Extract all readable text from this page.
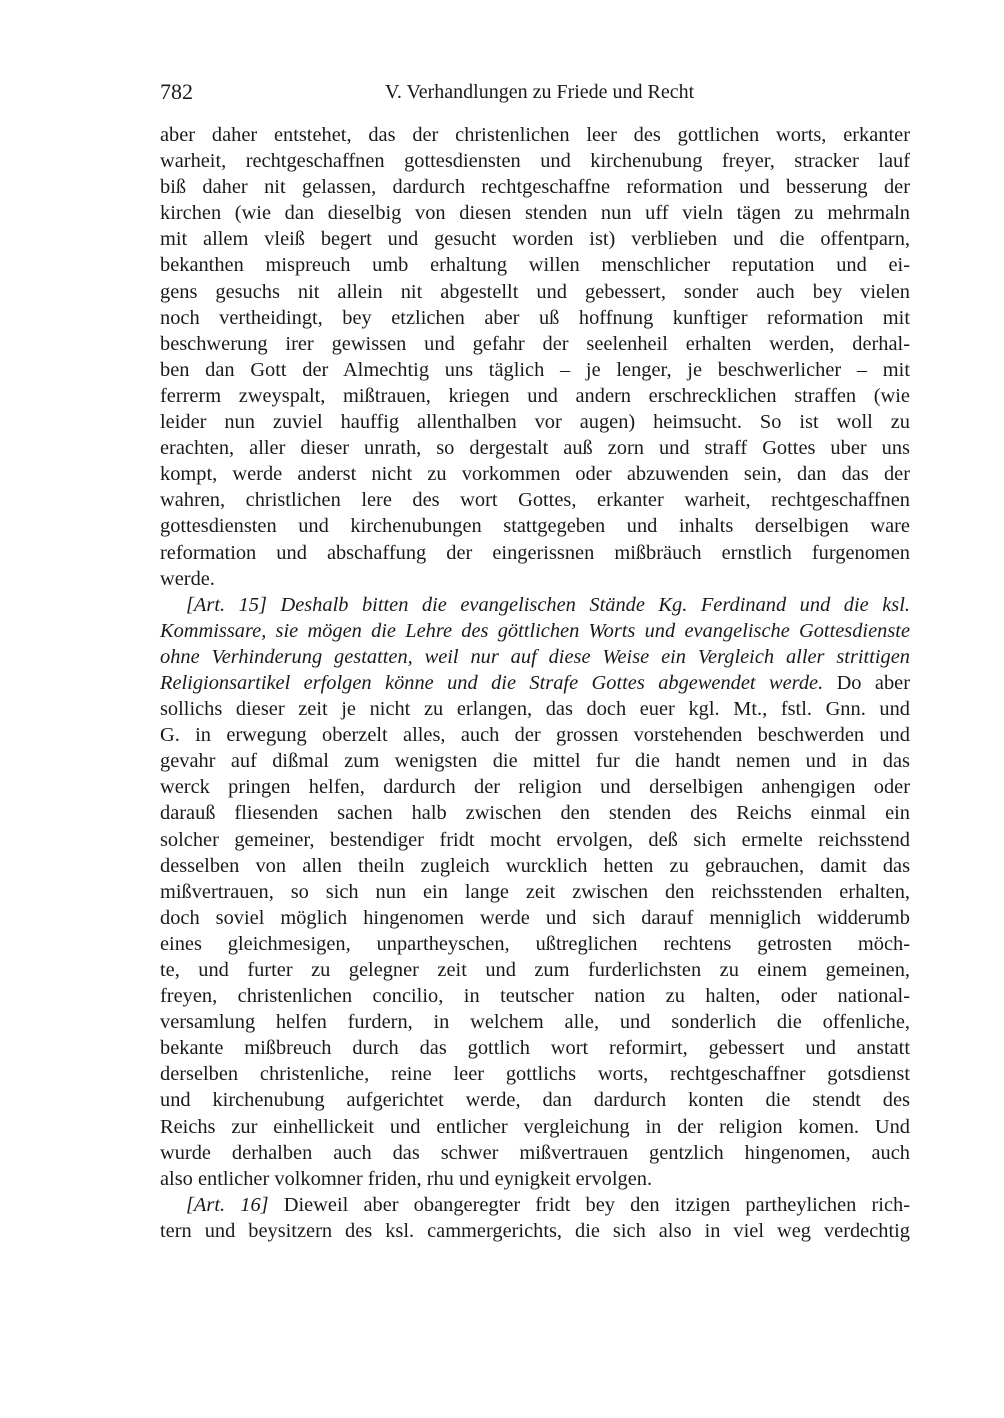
782	V. Verhandlungen zu Friede und Recht
aber daher entstehet, das der christenlichen leer des gottlichen worts, erkanter
warheit, rechtgeschaffnen gottesdiensten und kirchenubung freyer, stracker lauf
biß daher nit gelassen, dardurch rechtgeschaffne reformation und besserung der
kirchen (wie dan dieselbig von diesen stenden nun uff vieln tägen zu mehrmaln
mit allem vleiß begert und gesucht worden ist) verblieben und die offentparn,
bekanthen mispreuch umb erhaltung willen menschlicher reputation und ei-
gens gesuchs nit allein nit abgestellt und gebessert, sonder auch bey vielen
noch vertheidingt, bey etzlichen aber uß hoffnung kunftiger reformation mit
beschwerung irer gewissen und gefahr der seelenheil erhalten werden, derhal-
ben dan Gott der Almechtig uns täglich – je lenger, je beschwerlicher – mit
ferrerm zweyspalt, mißtrauen, kriegen und andern erschrecklichen straffen (wie
leider nun zuviel hauffig allenthalben vor augen) heimsucht. So ist woll zu
erachten, aller dieser unrath, so dergestalt auß zorn und straff Gottes uber uns
kompt, werde anderst nicht zu vorkommen oder abzuwenden sein, dan das der
wahren, christlichen lere des wort Gottes, erkanter warheit, rechtgeschaffnen
gottesdiensten und kirchenubungen stattgegeben und inhalts derselbigen ware
reformation und abschaffung der eingerissnen mißbräuch ernstlich furgenomen
werde.
[Art. 15] Deshalb bitten die evangelischen Stände Kg. Ferdinand und die ksl.
Kommissare, sie mögen die Lehre des göttlichen Worts und evangelische Gottesdienste
ohne Verhinderung gestatten, weil nur auf diese Weise ein Vergleich aller strittigen
Religionsartikel erfolgen könne und die Strafe Gottes abgewendet werde. Do aber
sollichs dieser zeit je nicht zu erlangen, das doch euer kgl. Mt., fstl. Gnn. und
G. in erwegung oberzelt alles, auch der grossen vorstehenden beschwerden und
gevahr auf dißmal zum wenigsten die mittel fur die handt nemen und in das
werck pringen helfen, dardurch der religion und derselbigen anhengigen oder
darauß fliesenden sachen halb zwischen den stenden des Reichs einmal ein
solcher gemeiner, bestendiger fridt mocht ervolgen, deß sich ermelte reichsstend
desselben von allen theiln zugleich wurcklich hetten zu gebrauchen, damit das
mißvertrauen, so sich nun ein lange zeit zwischen den reichsstenden erhalten,
doch soviel möglich hingenomen werde und sich darauf menniglich widderumb
eines gleichmesigen, unpartheyschen, ußtreglichen rechtens getrosten möch-
te, und furter zu gelegner zeit und zum furderlichsten zu einem gemeinen,
freyen, christenlichen concilio, in teutscher nation zu halten, oder national-
versamlung helfen furdern, in welchem alle, und sonderlich die offenliche,
bekante mißbreuch durch das gottlich wort reformirt, gebessert und anstatt
derselben christenliche, reine leer gottlichs worts, rechtgeschaffner gotsdienst
und kirchenubung aufgerichtet werde, dan dardurch konten die stendt des
Reichs zur einhellickeit und entlicher vergleichung in der religion komen. Und
wurde derhalben auch das schwer mißvertrauen gentzlich hingenomen, auch
also entlicher volkomner friden, rhu und eynigkeit ervolgen.
[Art. 16] Dieweil aber obangeregter fridt bey den itzigen partheylichen rich-
tern und beysitzern des ksl. cammergerichts, die sich also in viel weg verdechtig
